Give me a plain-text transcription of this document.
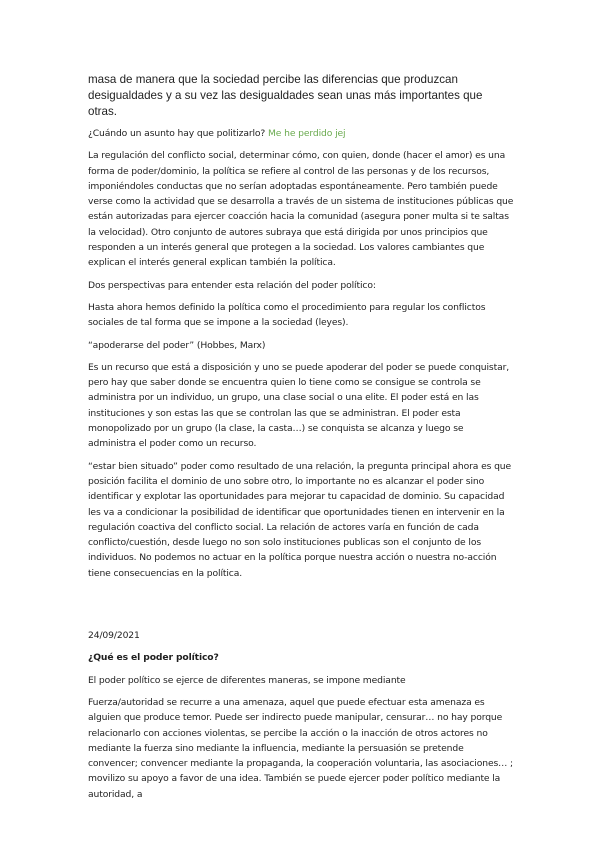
masa de manera que la sociedad percibe las diferencias que produzcan desigualdades y a su vez las desigualdades sean unas más importantes que otras.

¿Cuándo un asunto hay que politizarlo? Me he perdido jej

La regulación del conflicto social, determinar cómo, con quien, donde (hacer el amor) es una forma de poder/dominio, la política se refiere al control de las personas y de los recursos, imponiéndoles conductas que no serían adoptadas espontáneamente. Pero también puede verse como la actividad que se desarrolla a través de un sistema de instituciones públicas que están autorizadas para ejercer coacción hacia la comunidad (asegura poner multa si te saltas la velocidad). Otro conjunto de autores subraya que está dirigida por unos principios que responden a un interés general que protegen a la sociedad. Los valores cambiantes que explican el interés general explican también la política.

Dos perspectivas para entender esta relación del poder político:

Hasta ahora hemos definido la política como el procedimiento para regular los conflictos sociales de tal forma que se impone a la sociedad (leyes).

“apoderarse del poder” (Hobbes, Marx)

Es un recurso que está a disposición y uno se puede apoderar del poder se puede conquistar, pero hay que saber donde se encuentra quien lo tiene como se consigue se controla se administra por un individuo, un grupo, una clase social o una elite. El poder está en las instituciones y son estas las que se controlan las que se administran. El poder esta monopolizado por un grupo (la clase, la casta…) se conquista se alcanza y luego se administra el poder como un recurso.

“estar bien situado” poder como resultado de una relación, la pregunta principal ahora es que posición facilita el dominio de uno sobre otro, lo importante no es alcanzar el poder sino identificar y explotar las oportunidades para mejorar tu capacidad de dominio. Su capacidad les va a condicionar la posibilidad de identificar que oportunidades tienen en intervenir en la regulación coactiva del conflicto social. La relación de actores varía en función de cada conflicto/cuestión, desde luego no son solo instituciones publicas son el conjunto de los individuos. No podemos no actuar en la política porque nuestra acción o nuestra no-acción tiene consecuencias en la política.

24/09/2021

¿Qué es el poder político?

El poder político se ejerce de diferentes maneras, se impone mediante

Fuerza/autoridad se recurre a una amenaza, aquel que puede efectuar esta amenaza es alguien que produce temor. Puede ser indirecto puede manipular, censurar… no hay porque relacionarlo con acciones violentas, se percibe la acción o la inacción de otros actores no mediante la fuerza sino mediante la influencia, mediante la persuasión se pretende convencer; convencer mediante la propaganda, la cooperación voluntaria, las asociaciones… ; movilizo su apoyo a favor de una idea. También se puede ejercer poder político mediante la autoridad, a
